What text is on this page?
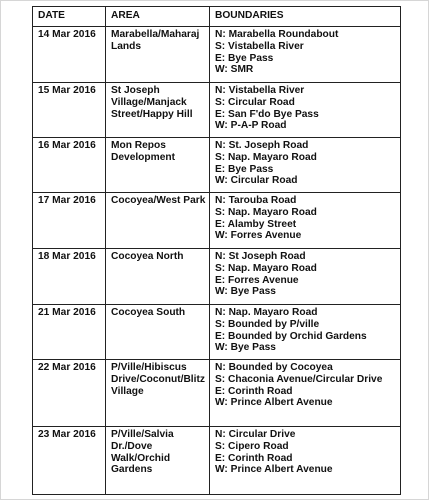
DATE	AREA	BOUNDARIES
14 Mar 2016	Marabella/Maharaj
Lands	N: Marabella Roundabout
S: Vistabella River
E: Bye Pass
W: SMR

15 Mar 2016	St Joseph
Village/Manjack
Street/Happy Hill	N: Vistabella River
S: Circular Road
E: San F'do Bye Pass
W: P-A-P Road

16 Mar 2016	Mon Repos
Development	N: St. Joseph Road
S: Nap. Mayaro Road
E: Bye Pass
W: Circular Road

17 Mar 2016	Cocoyea/West Park	N: Tarouba Road
S: Nap. Mayaro Road
E: Alamby Street
W: Forres Avenue

18 Mar 2016	Cocoyea North	N: St Joseph Road
S: Nap. Mayaro Road
E: Forres Avenue
W: Bye Pass

21 Mar 2016	Cocoyea South	N: Nap. Mayaro Road
S: Bounded by P/ville
E: Bounded by Orchid Gardens
W: Bye Pass

22 Mar 2016	P/Ville/Hibiscus
Drive/Coconut/Blitz
Village	N: Bounded by Cocoyea
S: Chaconia Avenue/Circular Drive
E: Corinth Road
W: Prince Albert Avenue

23 Mar 2016	P/Ville/Salvia
Dr./Dove
Walk/Orchid
Gardens	N: Circular Drive
S: Cipero Road
E: Corinth Road
W: Prince Albert Avenue
